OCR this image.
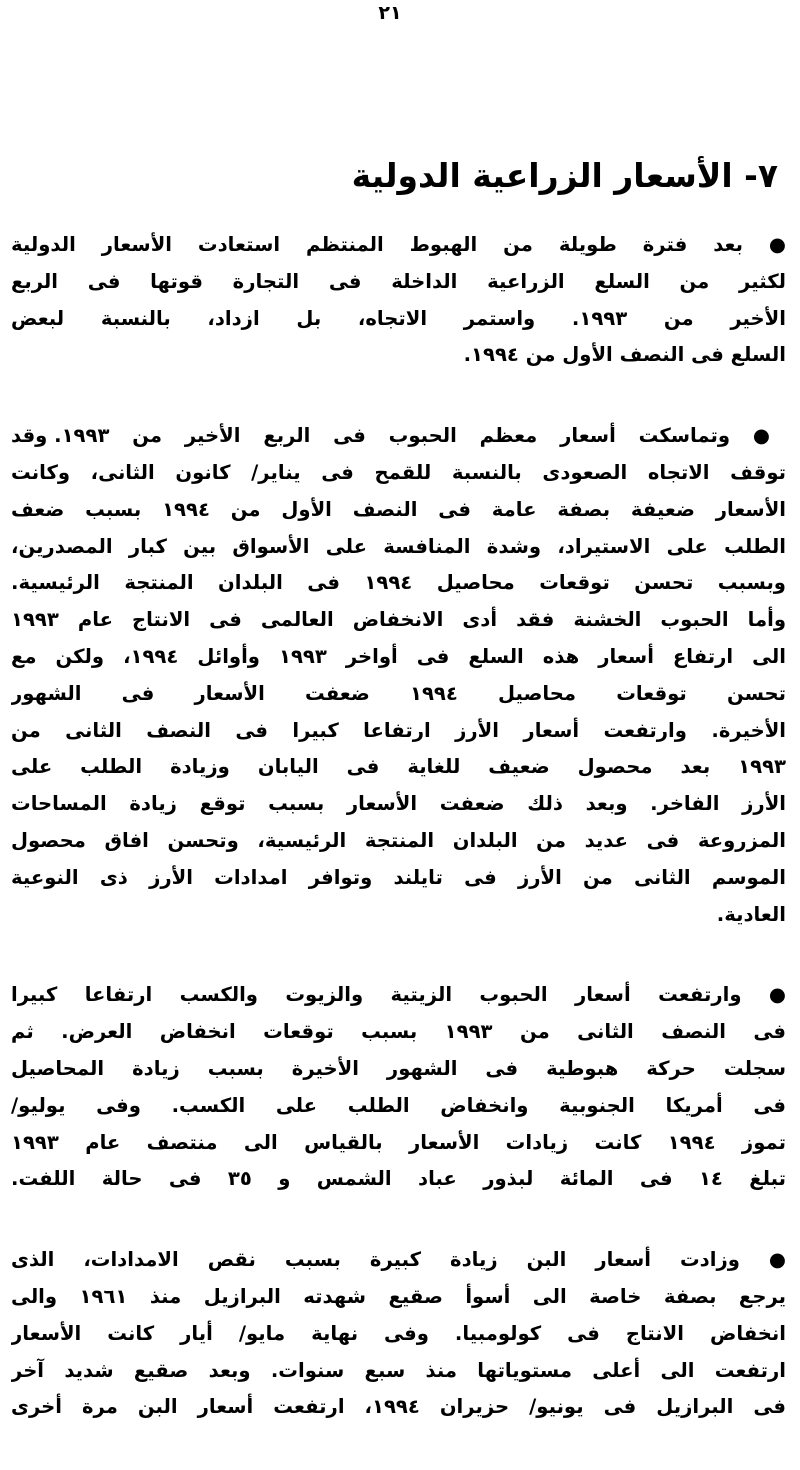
٢١
٧- الأسعار الزراعية الدولية
● بعد فترة طويلة من الهبوط المنتظم استعادت الأسعار الدولية
لكثير من السلع الزراعية الداخلة فى التجارة قوتها فى الربع
الأخير من ١٩٩٣. واستمر الاتجاه، بل ازداد، بالنسبة لبعض
السلع فى النصف الأول من ١٩٩٤.
● وتماسكت أسعار معظم الحبوب فى الربع الأخير من ١٩٩٣. وقد
توقف الاتجاه الصعودى بالنسبة للقمح فى يناير/ كانون الثانى، وكانت
الأسعار ضعيفة بصفة عامة فى النصف الأول من ١٩٩٤ بسبب ضعف
الطلب على الاستيراد، وشدة المنافسة على الأسواق بين كبار المصدرين،
وبسبب تحسن توقعات محاصيل ١٩٩٤ فى البلدان المنتجة الرئيسية.
وأما الحبوب الخشنة فقد أدى الانخفاض العالمى فى الانتاج عام ١٩٩٣
الى ارتفاع أسعار هذه السلع فى أواخر ١٩٩٣ وأوائل ١٩٩٤، ولكن مع
تحسن توقعات محاصيل ١٩٩٤ ضعفت الأسعار فى الشهور
الأخيرة. وارتفعت أسعار الأرز ارتفاعا كبيرا فى النصف الثانى من
١٩٩٣ بعد محصول ضعيف للغاية فى اليابان وزيادة الطلب على
الأرز الفاخر. وبعد ذلك ضعفت الأسعار بسبب توقع زيادة المساحات
المزروعة فى عديد من البلدان المنتجة الرئيسية، وتحسن افاق محصول
الموسم الثانى من الأرز فى تايلند وتوافر امدادات الأرز ذى النوعية
العادية.
● وارتفعت أسعار الحبوب الزيتية والزيوت والكسب ارتفاعا كبيرا
فى النصف الثانى من ١٩٩٣ بسبب توقعات انخفاض العرض. ثم
سجلت حركة هبوطية فى الشهور الأخيرة بسبب زيادة المحاصيل
فى أمريكا الجنوبية وانخفاض الطلب على الكسب. وفى يوليو/
تموز ١٩٩٤ كانت زيادات الأسعار بالقياس الى منتصف عام ١٩٩٣
تبلغ ١٤ فى المائة لبذور عباد الشمس و ٣٥ فى حالة اللفت.
● وزادت أسعار البن زيادة كبيرة بسبب نقص الامدادات، الذى
يرجع بصفة خاصة الى أسوأ صقيع شهدته البرازيل منذ ١٩٦١ والى
انخفاض الانتاج فى كولومبيا. وفى نهاية مايو/ أيار كانت الأسعار
ارتفعت الى أعلى مستوياتها منذ سبع سنوات. وبعد صقيع شديد آخر
فى البرازيل فى يونيو/ حزيران ١٩٩٤، ارتفعت أسعار البن مرة أخرى
